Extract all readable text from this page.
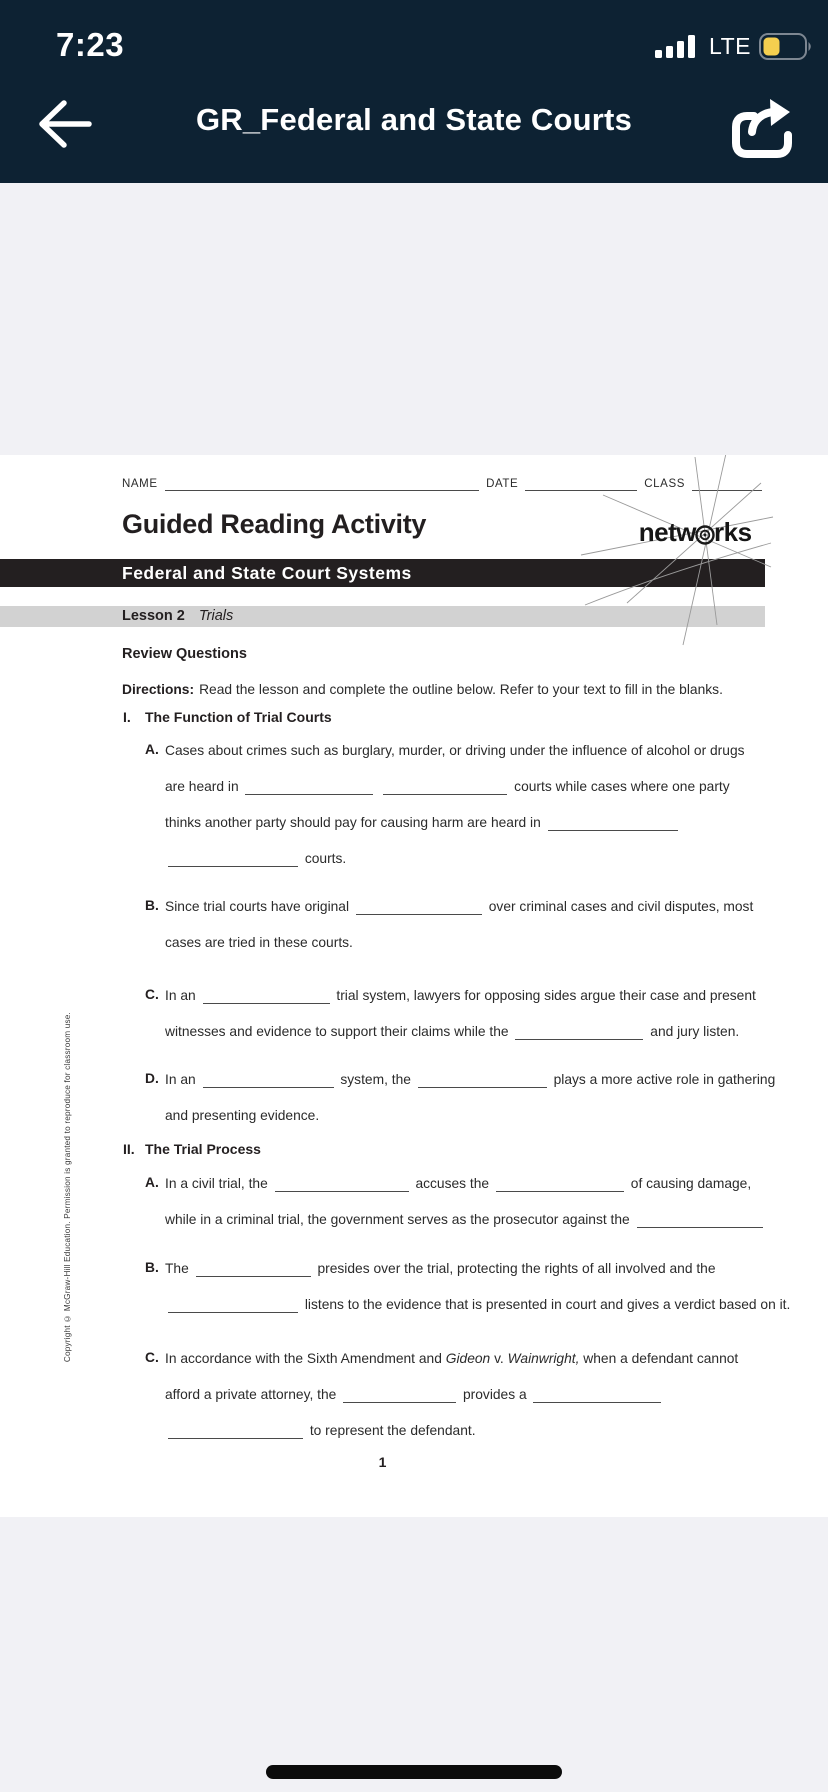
7:23	LTE
GR_Federal and State Courts
NAME	DATE	CLASS
Guided Reading Activity	netw rks
Federal and State Court Systems
Lesson 2 Trials
Review Questions
Directions: Read the lesson and complete the outline below. Refer to your text to fill in the blanks.
I. The Function of Trial Courts
A. Cases about crimes such as burglary, murder, or driving under the influence of alcohol or drugs
are heard in	courts while cases where one party
thinks another party should pay for causing harm are heard in
courts.
B. Since trial courts have original	over criminal cases and civil disputes, most
cases are tried in these courts.
C. In an	trial system, lawyers for opposing sides argue their case and present
witnesses and evidence to support their claims while the	and jury listen.
D. In an	system, the	plays a more active role in gathering
and presenting evidence.
II. The Trial Process
A. In a civil trial, the	accuses the	of causing damage,
while in a criminal trial, the government serves as the prosecutor against the
B. The	presides over the trial, protecting the rights of all involved and the
listens to the evidence that is presented in court and gives a verdict based on it.
C. In accordance with the Sixth Amendment and Gideon v. Wainwright, when a defendant cannot
afford a private attorney, the	provides a
to represent the defendant.
1
Copyright © McGraw-Hill Education. Permission is granted to reproduce for classroom use.
